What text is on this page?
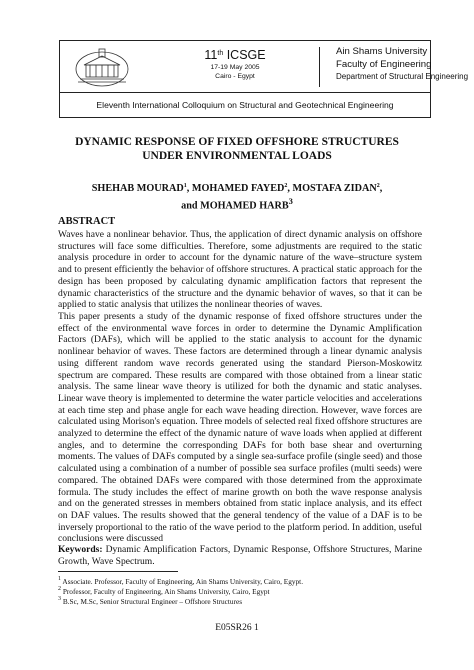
11th ICSGE
17-19 May 2005
Cairo - Egypt
Ain Shams University
Faculty of Engineering
Department of Structural Engineering
Eleventh International Colloquium on Structural and Geotechnical Engineering
DYNAMIC RESPONSE OF FIXED OFFSHORE STRUCTURES
UNDER ENVIRONMENTAL LOADS
SHEHAB MOURAD$^1$, MOHAMED FAYED$^2$, MOSTAFA ZIDAN$^2$,
and MOHAMED HARB$^3$
ABSTRACT
Waves have a nonlinear behavior. Thus, the application of direct dynamic analysis on offshore structures will face some difficulties. Therefore, some adjustments are required to the static analysis procedure in order to account for the dynamic nature of the wave–structure system and to present efficiently the behavior of offshore structures. A practical static approach for the design has been proposed by calculating dynamic amplification factors that represent the dynamic characteristics of the structure and the dynamic behavior of waves, so that it can be applied to static analysis that utilizes the nonlinear theories of waves.
This paper presents a study of the dynamic response of fixed offshore structures under the effect of the environmental wave forces in order to determine the Dynamic Amplification Factors (DAFs), which will be applied to the static analysis to account for the dynamic nonlinear behavior of waves. These factors are determined through a linear dynamic analysis using different random wave records generated using the standard Pierson-Moskowitz spectrum are compared. These results are compared with those obtained from a linear static analysis. The same linear wave theory is utilized for both the dynamic and static analyses. Linear wave theory is implemented to determine the water particle velocities and accelerations at each time step and phase angle for each wave heading direction. However, wave forces are calculated using Morison's equation. Three models of selected real fixed offshore structures are analyzed to determine the effect of the dynamic nature of wave loads when applied at different angles, and to determine the corresponding DAFs for both base shear and overturning moments. The values of DAFs computed by a single sea-surface profile (single seed) and those calculated using a combination of a number of possible sea surface profiles (multi seeds) were compared. The obtained DAFs were compared with those determined from the approximate formula. The study includes the effect of marine growth on both the wave response analysis and on the generated stresses in members obtained from static inplace analysis, and its effect on DAF values. The results showed that the general tendency of the value of a DAF is to be inversely proportional to the ratio of the wave period to the platform period. In addition, useful conclusions were discussed
Keywords: Dynamic Amplification Factors, Dynamic Response, Offshore Structures, Marine Growth, Wave Spectrum.
$^1$ Associate. Professor, Faculty of Engineering, Ain Shams University, Cairo, Egypt.
$^2$ Professor, Faculty of Engineering, Ain Shams University, Cairo, Egypt
$^3$ B.Sc, M.Sc, Senior Structural Engineer – Offshore Structures
E05SR26 1
